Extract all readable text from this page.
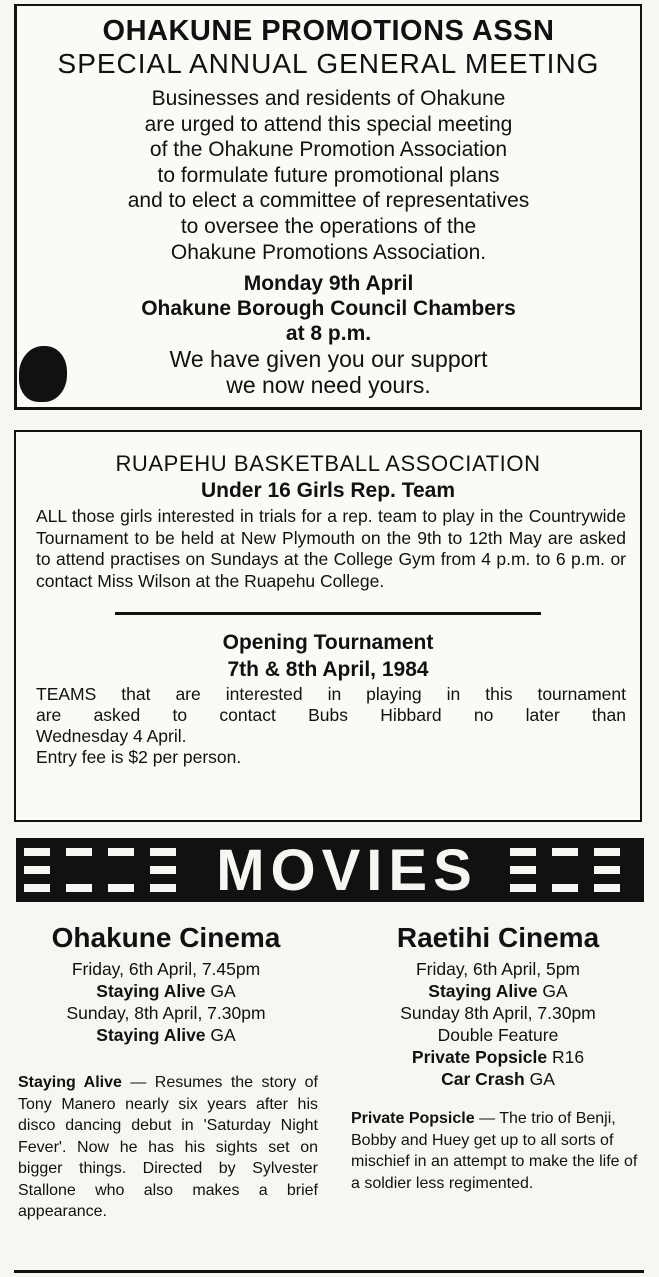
OHAKUNE PROMOTIONS ASSN
SPECIAL ANNUAL GENERAL MEETING
Businesses and residents of Ohakune
are urged to attend this special meeting
of the Ohakune Promotion Association
to formulate future promotional plans
and to elect a committee of representatives
to oversee the operations of the
Ohakune Promotions Association.
Monday 9th April
Ohakune Borough Council Chambers
at 8 p.m.
We have given you our support
we now need yours.
RUAPEHU BASKETBALL ASSOCIATION
Under 16 Girls Rep. Team
ALL those girls interested in trials for a rep. team to play in the Countrywide Tournament to be held at New Plymouth on the 9th to 12th May are asked to attend practises on Sundays at the College Gym from 4 p.m. to 6 p.m. or contact Miss Wilson at the Ruapehu College.
Opening Tournament
7th & 8th April, 1984
TEAMS that are interested in playing in this tournament
are asked to contact Bubs Hibbard no later than
Wednesday 4 April.
Entry fee is $2 per person.
MOVIES
Ohakune Cinema
Friday, 6th April, 7.45pm
Staying Alive GA
Sunday, 8th April, 7.30pm
Staying Alive GA
Staying Alive — Resumes the story of Tony Manero nearly six years after his disco dancing debut in 'Saturday Night Fever'. Now he has his sights set on bigger things. Directed by Sylvester Stallone who also makes a brief appearance.
Raetihi Cinema
Friday, 6th April, 5pm
Staying Alive GA
Sunday 8th April, 7.30pm
Double Feature
Private Popsicle R16
Car Crash GA
Private Popsicle — The trio of Benji, Bobby and Huey get up to all sorts of mischief in an attempt to make the life of a soldier less regimented.
